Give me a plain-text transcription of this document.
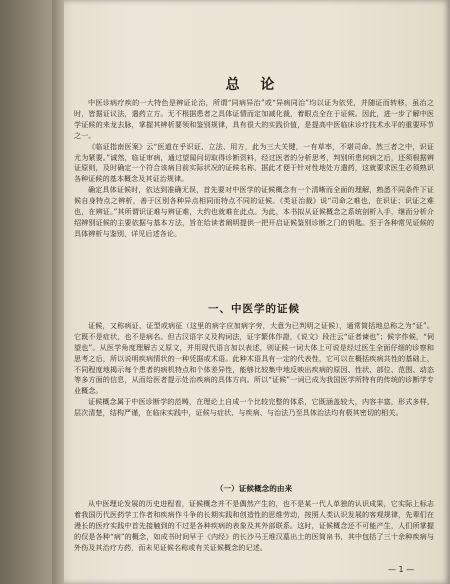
总 论

中医诊病疗疾的一大特色是辨证论治，所谓“同病异治”或“异病同治”均以证为依凭，并随证而转移，虽治之时，皆据证议法，遣药立方。无不根据患者之具体证情而定加减化裁，着眼点全在于证候。因此，进一步了解中医学证候的来龙去脉，掌握其辨析要领和鉴别规律，具有很大的实践价值，是提高中医临床诊疗技术水平的重要环节之一。

《临证指南医案》云“医道在乎识证、立法、用方，此为三大关键，一有草率，不堪司命。然三者之中，识证尤为紧要。”诚然，临证审病，通过望闻问切取得诊断资料，经过医者的分析思考，判别所患何病之后，还须根据辨证原则，及时确定一个符合该病目前实际状况的证候名称，据此才便于针对性地处方遣药，这就要求医生必须熟识各种证候的基本概念及其证治规律。

确定具体证候时，依达到准确无误，首先要对中医学的证候概念有一个清晰而全面的理解，熟悉不同条件下证候自身特点之辨析，善于区别各种异点相同而特点不同的证候。《类证治裁》说“司命之难也，在识证；识证之难也，在辨证。”其所谓识证难与辨证难，大约也就难在此点。为此，本书拟从证候概念之系统剖析入手，继而分析介绍辨别证候的主要依据与基本方法，旨在给读者阐明提供一把开启证候鉴别诊断之门的钥匙。至于各种常见证候的具体辨析与鉴别，详见后述各论。

一、中医学的证候

证候，又称病证、证型或病征（这里的病字应加病字旁，大意为已判明之证候），通常简括地总称之为“证”。它既不是症状，也不是病名。但古汉语字义及构词法，证字繁体作證，《说文》段注云“证者谏也”；候字作候，“伺望也”。从医学角度理解古义原文，并用现代语言加以表述，则证候一词大体上可说是经过医生全面仔细的诊察和思考之后，所以说明疾病情状的一种凭据或术语。此种术语具有一定的代表性，它可以在概括疾病共性的基础上，不同程度地揭示每个患者的病机特点和个体差异性，能够比较集中地反映出疾病的原因、性状、部位、范围、动态等多方面的信息，从而给医者提示处治疾病的具体方向。所以“证候”一词已成为我国医学所特有的传统的诊断学专业概念。

证候概念属于中医诊断学的范畴，在理论上自成一个比较完整的体系，它既涵盖较大，内容丰富，形式多样，层次清楚，结构严谨，在临床实践中，证候与症状、与疾病、与治法乃至具体治法均有极其密切的相关。

（一）证候概念的由来

从中医理论发展的历史进程看，证候概念并不是偶然产生的，也不是某一代人单独的认识成果，它实际上标志着我国历代医药学工作者和疾病作斗争的长期实践和创造性的思维劳动，按照人类认识发展的客观规律，先辈们在漫长的医疗实践中首先接触到的不过是各种疾病的表象及其外部联系。这时，证候概念还不可能产生，人们所掌握的仅是各种“病”的概念，如成书时间早于《内经》的长沙马王堆汉墓出土的医简帛书，其中包括了三十余种疾病与外伤及其治疗方药，而未见证候名称或有关证候概念的记述。

— 1 —
